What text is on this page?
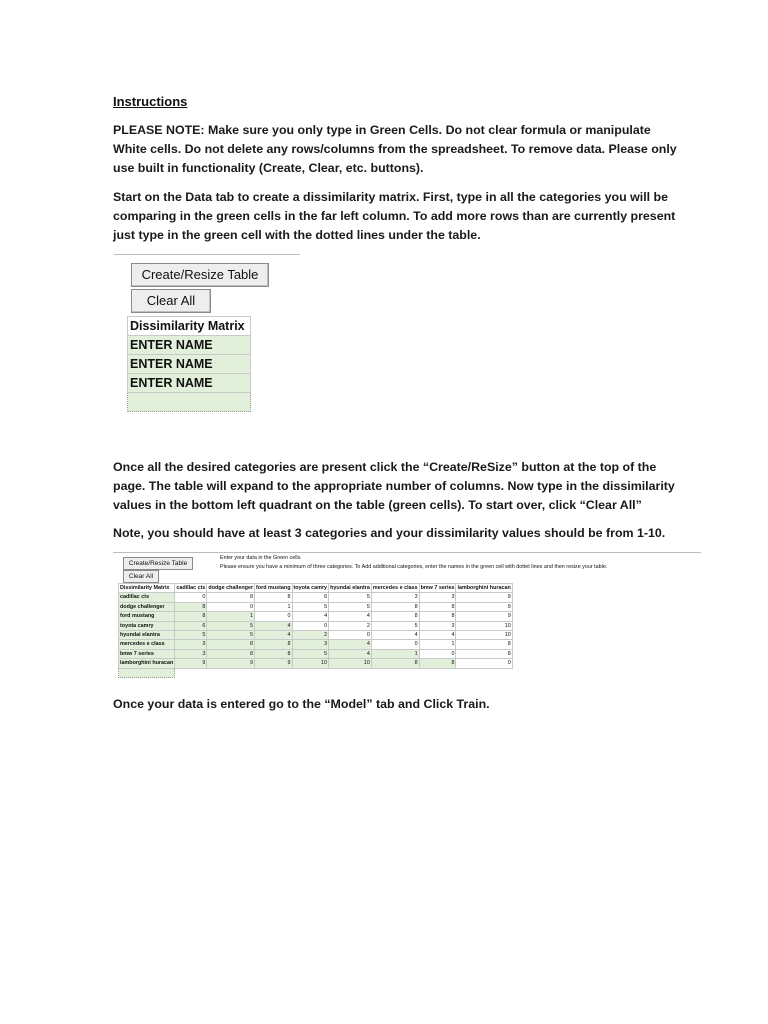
Instructions
PLEASE NOTE: Make sure you only type in Green Cells. Do not clear formula or manipulate White cells. Do not delete any rows/columns from the spreadsheet. To remove data. Please only use built in functionality (Create, Clear, etc. buttons).
Start on the Data tab to create a dissimilarity matrix. First, type in all the categories you will be comparing in the green cells in the far left column. To add more rows than are currently present just type in the green cell with the dotted lines under the table.
Create/Resize Table
Clear All
Dissimilarity Matrix
ENTER NAME
ENTER NAME
ENTER NAME

Once all the desired categories are present click the “Create/ReSize” button at the top of the page. The table will expand to the appropriate number of columns. Now type in the dissimilarity values in the bottom left quadrant on the table (green cells). To start over, click “Clear All”
Note, you should have at least 3 categories and your dissimilarity values should be from 1-10.
Create/Resize Table
Clear All
Enter your data in the Green cells.
Please ensure you have a minimum of three categories. To Add additional categories, enter the names in the green cell with dottet lines and then resize your table.
Dissimilarity Matrix	cadillac cts	dodge challenger	ford mustang	toyota camry	hyundai elantra	mercedes e class	bmw 7 series	lamborghini huracan
cadillac cts	0	8	8	6	5	3	3	9
dodge challenger	8	0	1	5	5	8	8	9
ford mustang	8	1	0	4	4	8	8	9
toyota camry	6	5	4	0	2	5	3	10
hyundai elantra	5	5	4	2	0	4	4	10
mercedes e class	3	8	8	3	4	0	1	8
bmw 7 series	3	8	8	5	4	1	0	8
lamborghini huracan	9	9	9	10	10	8	8	0

Once your data is entered go to the “Model” tab and Click Train.
